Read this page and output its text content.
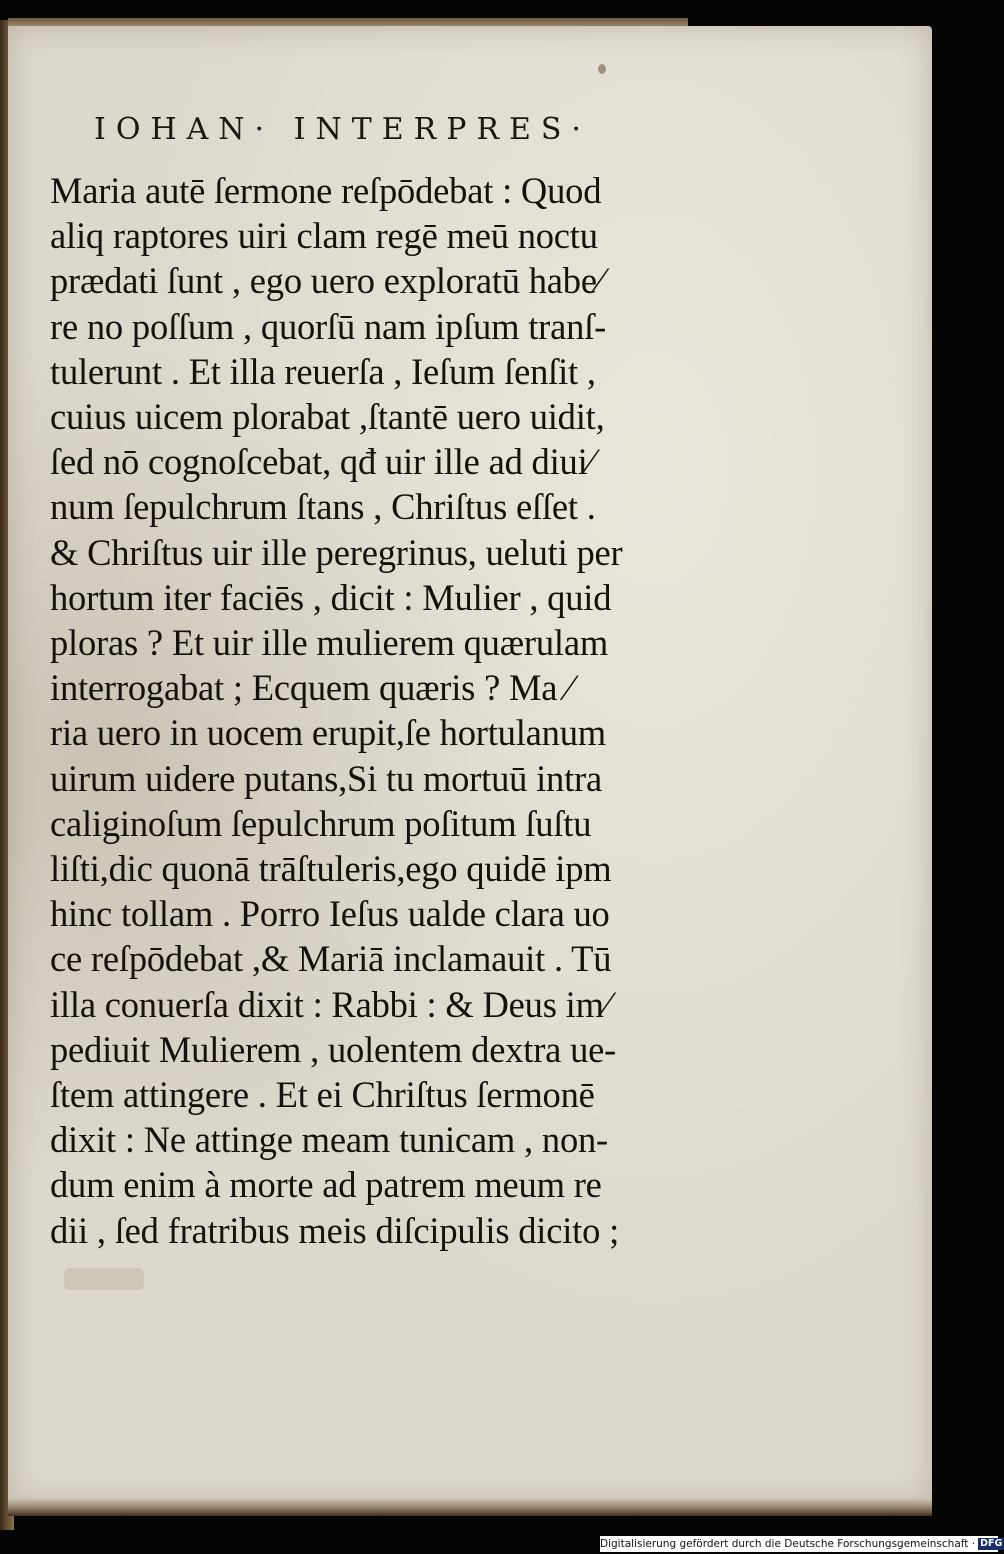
IOHAN· INTERPRES·
Maria autē ſermone reſpōdebat : Quod
aliq raptores uiri clam regē meū noctu
prædati ſunt , ego uero exploratū habe⁄
re no poſſum , quorſū nam ipſum tranſ-
tulerunt . Et illa reuerſa , Ieſum ſenſit ,
cuius uicem plorabat ,ſtantē uero uidit,
ſed nō cognoſcebat, qđ uir ille ad diui⁄
num ſepulchrum ſtans , Chriſtus eſſet .
& Chriſtus uir ille peregrinus, ueluti per
hortum iter faciēs , dicit : Mulier , quid
ploras ? Et uir ille mulierem quærulam
interrogabat ; Ecquem quæris ? Ma ⁄
ria uero in uocem erupit,ſe hortulanum
uirum uidere putans,Si tu mortuū intra
caliginoſum ſepulchrum poſitum ſuſtu
liſti,dic quonā trāſtuleris,ego quidē ipm
hinc tollam . Porro Ieſus ualde clara uo
ce reſpōdebat ,& Mariā inclamauit . Tū
illa conuerſa dixit : Rabbi : & Deus im⁄
pediuit Mulierem , uolentem dextra ue-
ſtem attingere . Et ei Chriſtus ſermonē
dixit : Ne attinge meam tunicam , non-
dum enim à morte ad patrem meum re
dii , ſed fratribus meis diſcipulis dicito ;
Digitalisierung gefördert durch die Deutsche Forschungsgemeinschaft · DFG
